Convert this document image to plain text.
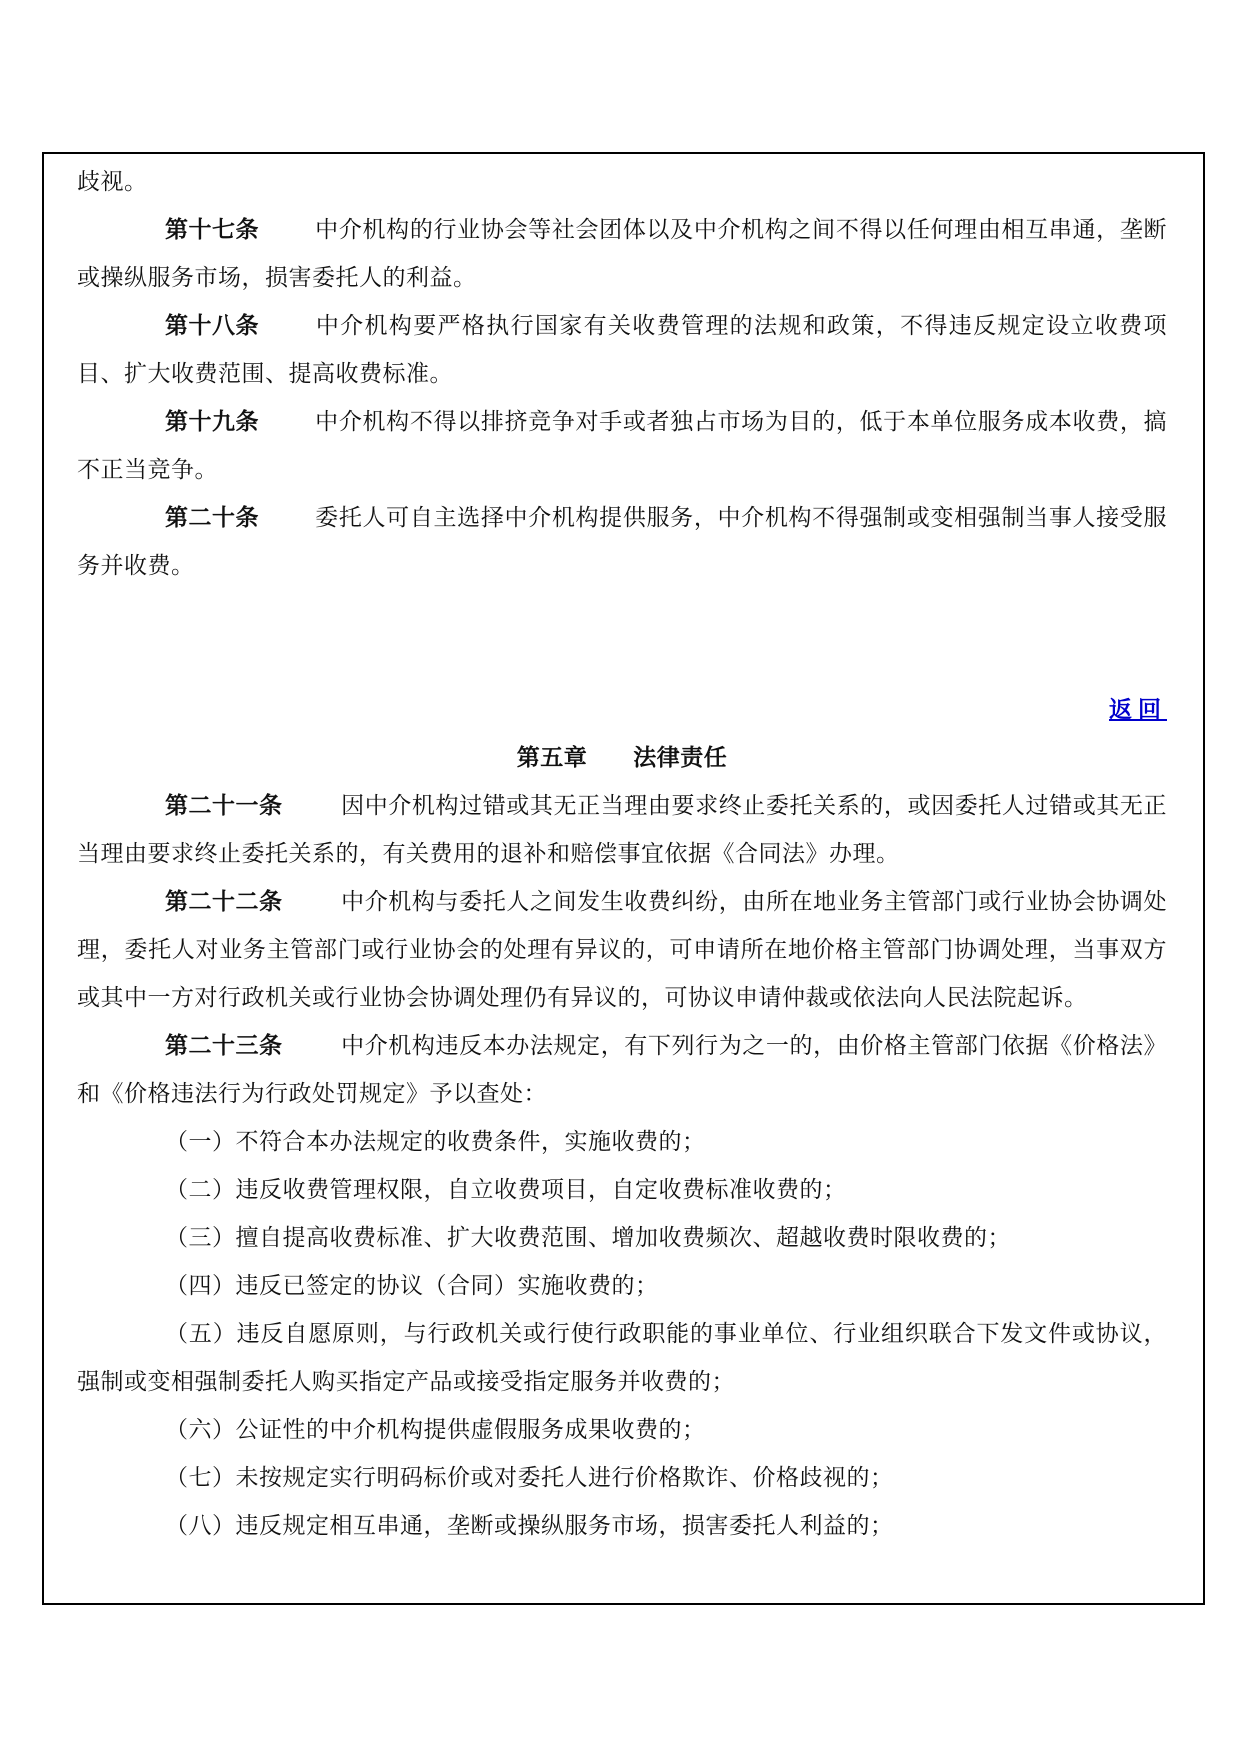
歧视。

第十七条 中介机构的行业协会等社会团体以及中介机构之间不得以任何理由相互串通，垄断或操纵服务市场，损害委托人的利益。

第十八条 中介机构要严格执行国家有关收费管理的法规和政策，不得违反规定设立收费项目、扩大收费范围、提高收费标准。

第十九条 中介机构不得以排挤竞争对手或者独占市场为目的，低于本单位服务成本收费，搞不正当竞争。

第二十条 委托人可自主选择中介机构提供服务，中介机构不得强制或变相强制当事人接受服务并收费。

返回

第五章 法律责任

第二十一条	因中介机构过错或其无正当理由要求终止委托关系的，或因委托人过错或其无正当理由要求终止委托关系的，有关费用的退补和赔偿事宜依据《合同法》办理。

第二十二条	中介机构与委托人之间发生收费纠纷，由所在地业务主管部门或行业协会协调处理，委托人对业务主管部门或行业协会的处理有异议的，可申请所在地价格主管部门协调处理，当事双方或其中一方对行政机关或行业协会协调处理仍有异议的，可协议申请仲裁或依法向人民法院起诉。

第二十三条	中介机构违反本办法规定，有下列行为之一的，由价格主管部门依据《价格法》和《价格违法行为行政处罚规定》予以查处：

（一）不符合本办法规定的收费条件，实施收费的；

（二）违反收费管理权限，自立收费项目，自定收费标准收费的；

（三）擅自提高收费标准、扩大收费范围、增加收费频次、超越收费时限收费的；

（四）违反已签定的协议（合同）实施收费的；

（五）违反自愿原则，与行政机关或行使行政职能的事业单位、行业组织联合下发文件或协议，强制或变相强制委托人购买指定产品或接受指定服务并收费的；

（六）公证性的中介机构提供虚假服务成果收费的；

（七）未按规定实行明码标价或对委托人进行价格欺诈、价格歧视的；

（八）违反规定相互串通，垄断或操纵服务市场，损害委托人利益的；
